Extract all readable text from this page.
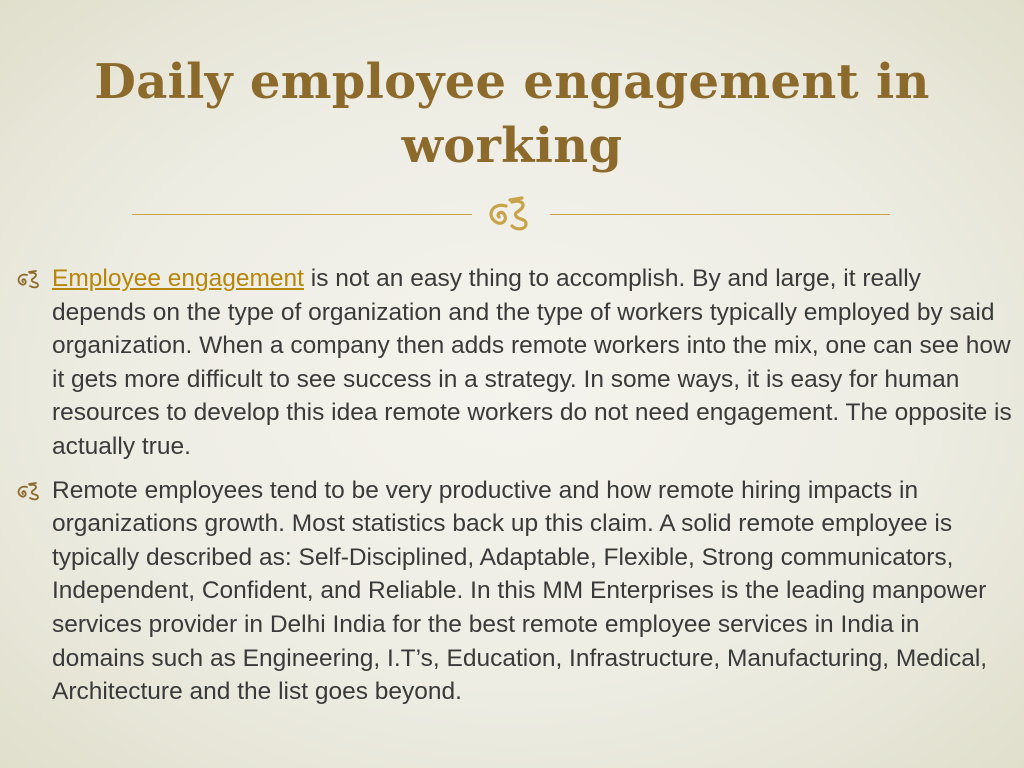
Daily employee engagement in working
Employee engagement is not an easy thing to accomplish. By and large, it really depends on the type of organization and the type of workers typically employed by said organization. When a company then adds remote workers into the mix, one can see how it gets more difficult to see success in a strategy. In some ways, it is easy for human resources to develop this idea remote workers do not need engagement. The opposite is actually true.
Remote employees tend to be very productive and how remote hiring impacts in organizations growth. Most statistics back up this claim. A solid remote employee is typically described as: Self-Disciplined, Adaptable, Flexible, Strong communicators, Independent, Confident, and Reliable. In this MM Enterprises is the leading manpower services provider in Delhi India for the best remote employee services in India in domains such as Engineering, I.T’s, Education, Infrastructure, Manufacturing, Medical, Architecture and the list goes beyond.
